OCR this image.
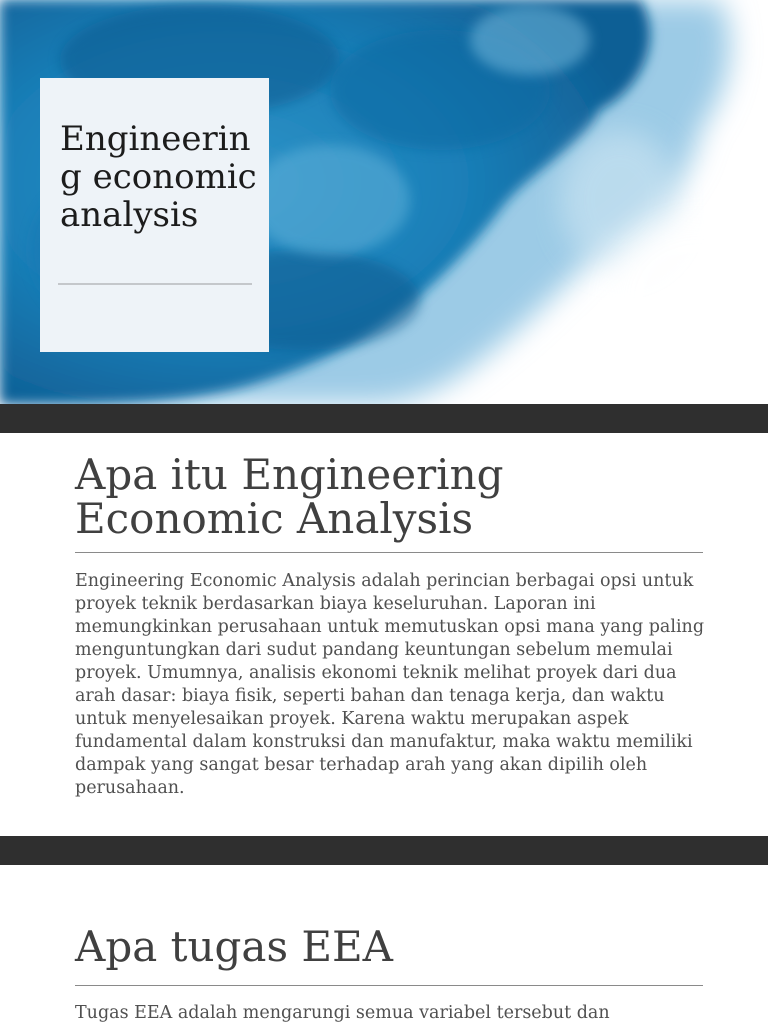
Engineering economic analysis
Apa itu Engineering Economic Analysis

Engineering Economic Analysis adalah perincian berbagai opsi untuk proyek teknik berdasarkan biaya keseluruhan. Laporan ini memungkinkan perusahaan untuk memutuskan opsi mana yang paling menguntungkan dari sudut pandang keuntungan sebelum memulai proyek. Umumnya, analisis ekonomi teknik melihat proyek dari dua arah dasar: biaya fisik, seperti bahan dan tenaga kerja, dan waktu untuk menyelesaikan proyek. Karena waktu merupakan aspek fundamental dalam konstruksi dan manufaktur, maka waktu memiliki dampak yang sangat besar terhadap arah yang akan dipilih oleh perusahaan.

Apa tugas EEA

Tugas EEA adalah mengarungi semua variabel tersebut dan
